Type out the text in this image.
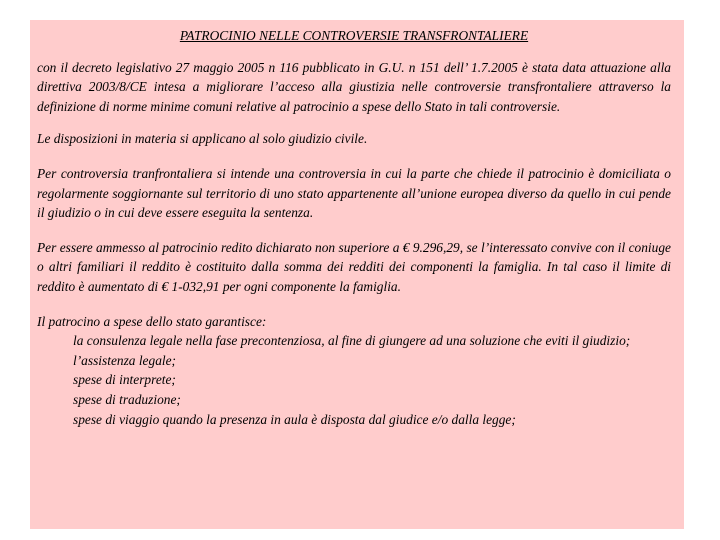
PATROCINIO NELLE CONTROVERSIE TRANSFRONTALIERE
con il decreto legislativo 27 maggio 2005 n 116 pubblicato in G.U. n 151 dell’ 1.7.2005 è stata data attuazione alla direttiva 2003/8/CE intesa a migliorare l’acceso alla giustizia nelle controversie transfrontaliere attraverso la definizione di norme minime comuni relative al patrocinio a spese dello Stato in tali controversie.
Le disposizioni in materia si applicano al solo giudizio civile.
Per controversia tranfrontaliera si intende una controversia in cui la parte che chiede il patrocinio è domiciliata o regolarmente soggiornante sul territorio di uno stato appartenente all’unione europea diverso da quello in cui pende il giudizio o in cui deve essere eseguita la sentenza.
Per essere ammesso al patrocinio redito dichiarato non superiore a € 9.296,29, se l’interessato convive con il coniuge o altri familiari il reddito è costituito dalla somma dei redditi dei componenti la famiglia. In tal caso il limite di reddito è aumentato di € 1-032,91 per ogni componente la famiglia.
Il patrocino a spese dello stato garantisce:
la consulenza legale nella fase precontenziosa, al fine di giungere ad una soluzione che eviti il giudizio;
l’assistenza legale;
spese di interprete;
spese di traduzione;
spese di viaggio quando la presenza in aula è disposta dal giudice e/o dalla legge;
